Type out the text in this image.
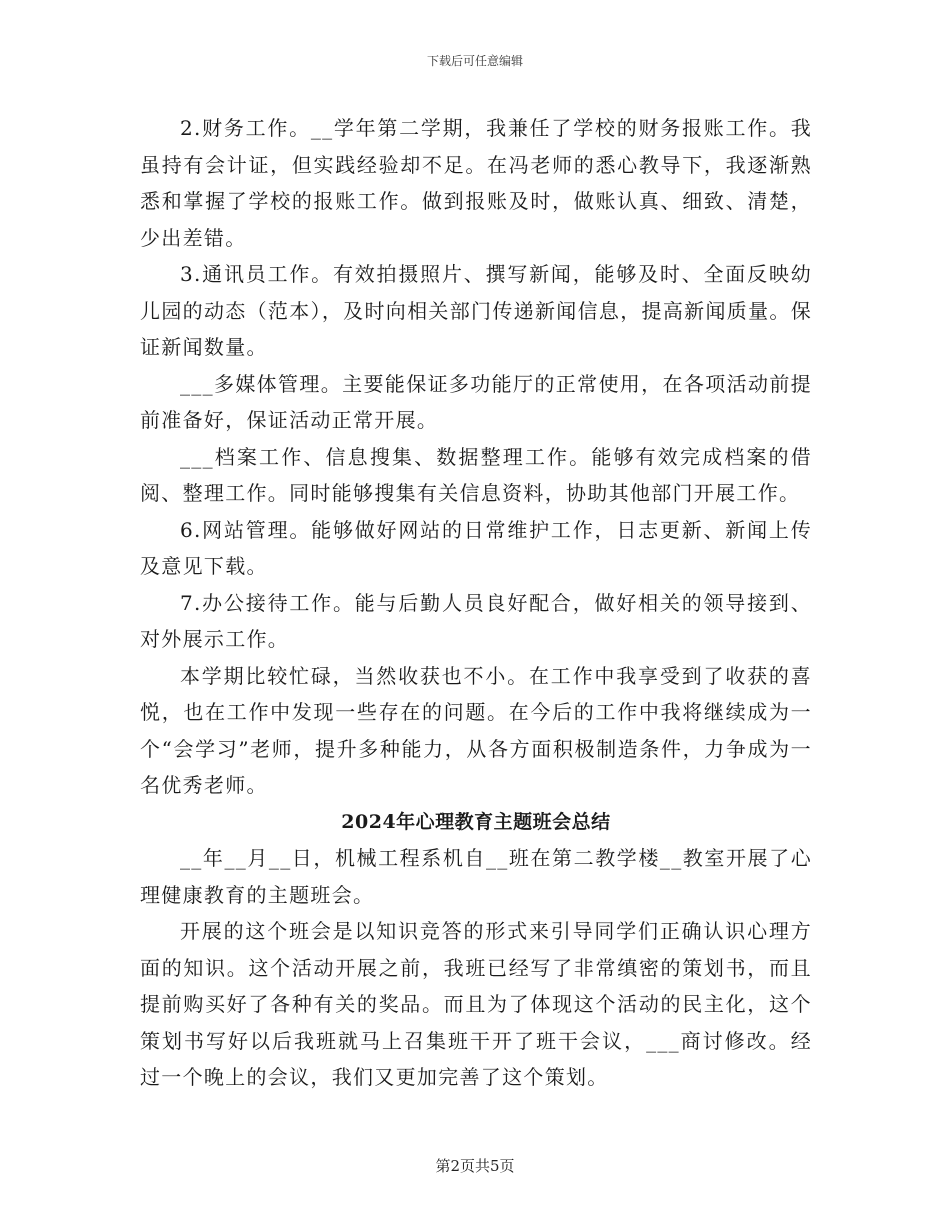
下载后可任意编辑

2.财务工作。__学年第二学期，我兼任了学校的财务报账工作。我虽持有会计证，但实践经验却不足。在冯老师的悉心教导下，我逐渐熟悉和掌握了学校的报账工作。做到报账及时，做账认真、细致、清楚，少出差错。

3.通讯员工作。有效拍摄照片、撰写新闻，能够及时、全面反映幼儿园的动态（范本），及时向相关部门传递新闻信息，提高新闻质量。保证新闻数量。

___多媒体管理。主要能保证多功能厅的正常使用，在各项活动前提前准备好，保证活动正常开展。

___档案工作、信息搜集、数据整理工作。能够有效完成档案的借阅、整理工作。同时能够搜集有关信息资料，协助其他部门开展工作。

6.网站管理。能够做好网站的日常维护工作，日志更新、新闻上传及意见下载。

7.办公接待工作。能与后勤人员良好配合，做好相关的领导接到、对外展示工作。

本学期比较忙碌，当然收获也不小。在工作中我享受到了收获的喜悦，也在工作中发现一些存在的问题。在今后的工作中我将继续成为一个“会学习”老师，提升多种能力，从各方面积极制造条件，力争成为一名优秀老师。

2024年心理教育主题班会总结

__年__月__日，机械工程系机自__班在第二教学楼__教室开展了心理健康教育的主题班会。

开展的这个班会是以知识竞答的形式来引导同学们正确认识心理方面的知识。这个活动开展之前，我班已经写了非常缜密的策划书，而且提前购买好了各种有关的奖品。而且为了体现这个活动的民主化，这个策划书写好以后我班就马上召集班干开了班干会议，___商讨修改。经过一个晚上的会议，我们又更加完善了这个策划。

第2页共5页
